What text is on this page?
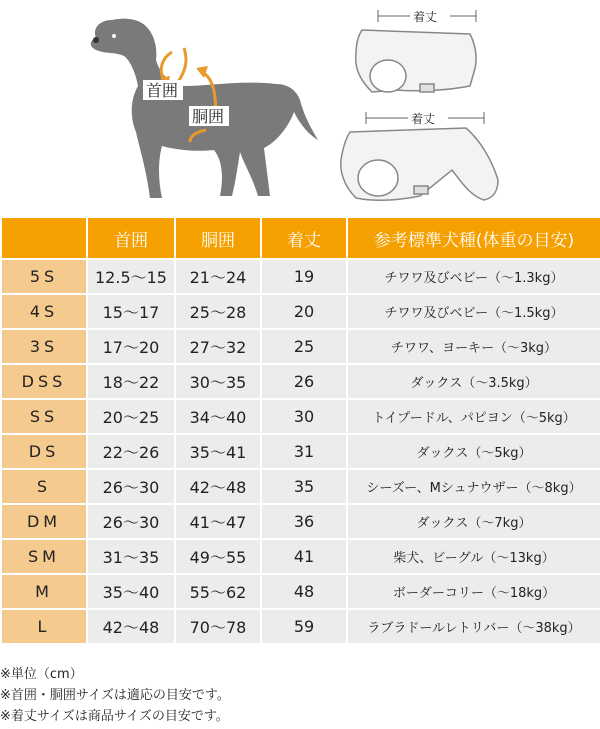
首囲
胴囲
着丈
着丈
	首囲	胴囲	着丈	参考標準犬種(体重の目安)
5S	12.5〜15	21〜24	19	チワワ及びベビー（〜1.3kg）
4S	15〜17	25〜28	20	チワワ及びベビー（〜1.5kg）
3S	17〜20	27〜32	25	チワワ、ヨーキー（〜3kg）
DSS	18〜22	30〜35	26	ダックス（〜3.5kg）
SS	20〜25	34〜40	30	トイプードル、パピヨン（〜5kg）
DS	22〜26	35〜41	31	ダックス（〜5kg）
S	26〜30	42〜48	35	シーズー、Mシュナウザー（〜8kg）
DM	26〜30	41〜47	36	ダックス（〜7kg）
SM	31〜35	49〜55	41	柴犬、ビーグル（〜13kg）
M	35〜40	55〜62	48	ボーダーコリー（〜18kg）
L	42〜48	70〜78	59	ラブラドールレトリバー（〜38kg）
※単位（cm）
※首囲・胴囲サイズは適応の目安です。
※着丈サイズは商品サイズの目安です。
